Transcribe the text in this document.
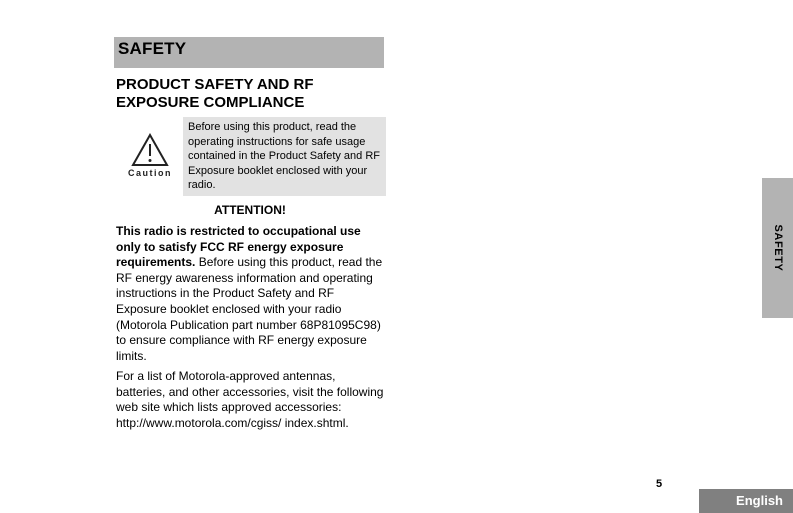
SAFETY
PRODUCT SAFETY AND RF EXPOSURE COMPLIANCE
Caution
Before using this product, read the operating instructions for safe usage contained in the Product Safety and RF Exposure booklet enclosed with your radio.
ATTENTION!
This radio is restricted to occupational use only to satisfy FCC RF energy exposure requirements. Before using this product, read the RF energy awareness information and operating instructions in the Product Safety and RF Exposure booklet enclosed with your radio (Motorola Publication part number 68P81095C98) to ensure compliance with RF energy exposure limits.
For a list of Motorola-approved antennas, batteries, and other accessories, visit the following web site which lists approved accessories: http://www.motorola.com/cgiss/ index.shtml.
SAFETY
5
English
